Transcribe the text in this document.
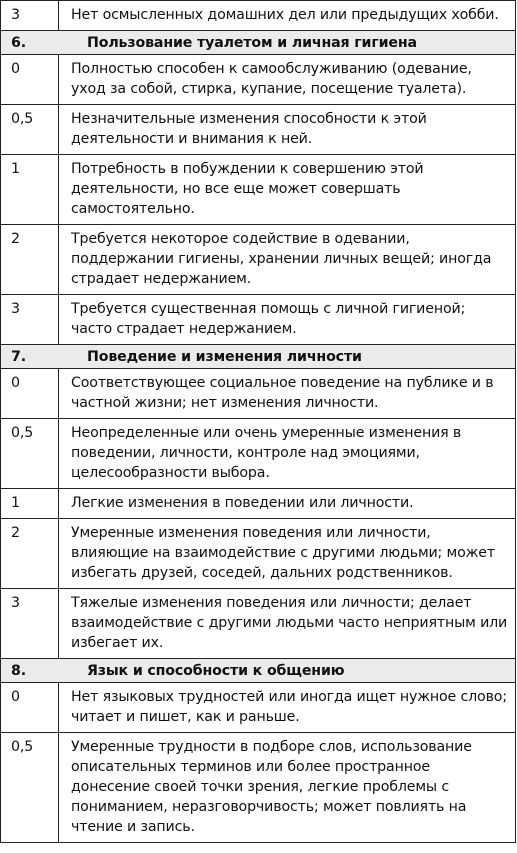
3	Нет осмысленных домашних дел или предыдущих хобби.
6. Пользование туалетом и личная гигиена	
0	Полностью способен к самообслуживанию (одевание, уход за собой, стирка, купание, посещение туалета).
0,5	Незначительные изменения способности к этой деятельности и внимания к ней.
1	Потребность в побуждении к совершению этой деятельности, но все еще может совершать самостоятельно.
2	Требуется некоторое содействие в одевании, поддержании гигиены, хранении личных вещей; иногда страдает недержанием.
3	Требуется существенная помощь с личной гигиеной; часто страдает недержанием.
7. Поведение и изменения личности	
0	Соответствующее социальное поведение на публике и в частной жизни; нет изменения личности.
0,5	Неопределенные или очень умеренные изменения в поведении, личности, контроле над эмоциями, целесообразности выбора.
1	Легкие изменения в поведении или личности.
2	Умеренные изменения поведения или личности, влияющие на взаимодействие с другими людьми; может избегать друзей, соседей, дальних родственников.
3	Тяжелые изменения поведения или личности; делает взаимодействие с другими людьми часто неприятным или избегает их.
8. Язык и способности к общению	
0	Нет языковых трудностей или иногда ищет нужное слово; читает и пишет, как и раньше.
0,5	Умеренные трудности в подборе слов, использование описательных терминов или более пространное донесение своей точки зрения, легкие проблемы с пониманием, неразговорчивость; может повлиять на чтение и запись.
